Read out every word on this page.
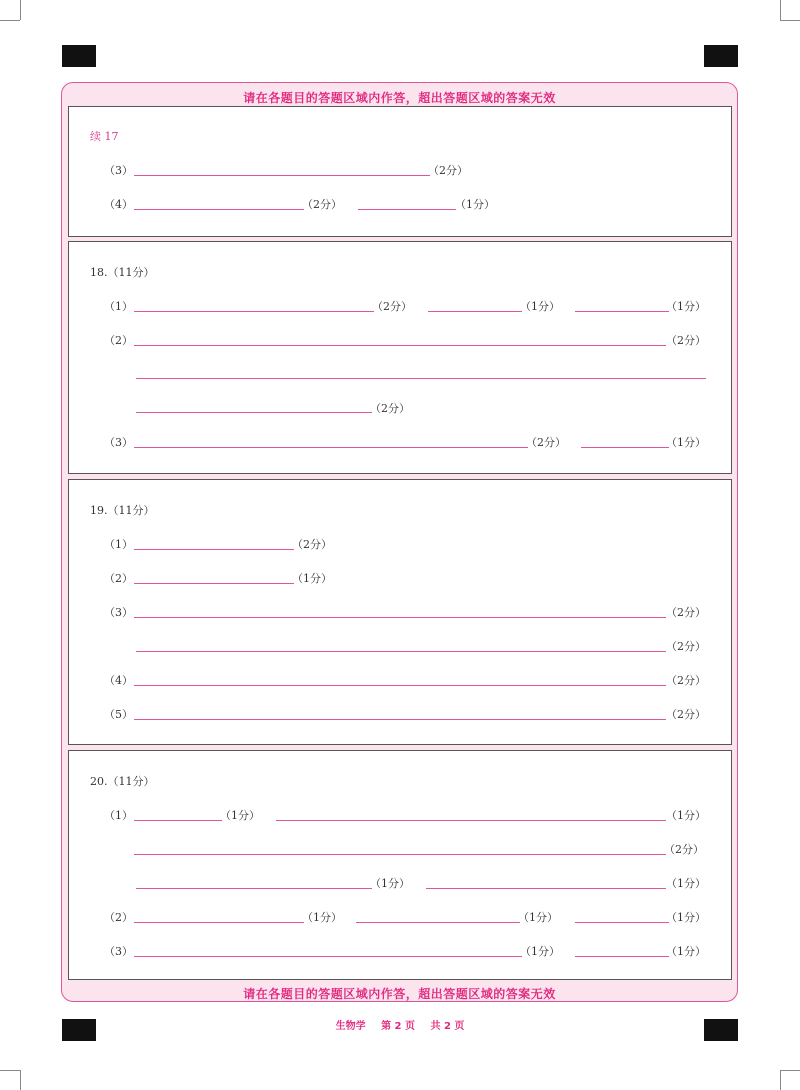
请在各题目的答题区域内作答，超出答题区域的答案无效
请在各题目的答题区域内作答，超出答题区域的答案无效
续 17
（3）	（2分）
（4）	（2分）	（1分）
18.（11分）
（1）	（2分）	（1分）	（1分）
（2）	（2分）
（2分）
（3）	（2分）	（1分）
19.（11分）
（1）	（2分）
（2）	（1分）
（3）	（2分）
（2分）
（4）	（2分）
（5）	（2分）
20.（11分）
（1）	（1分）	（1分）
（2分）
（1分）	（1分）
（2）	（1分）	（1分）	（1分）
（3）	（1分）	（1分）
生物学 第 2 页 共 2 页
